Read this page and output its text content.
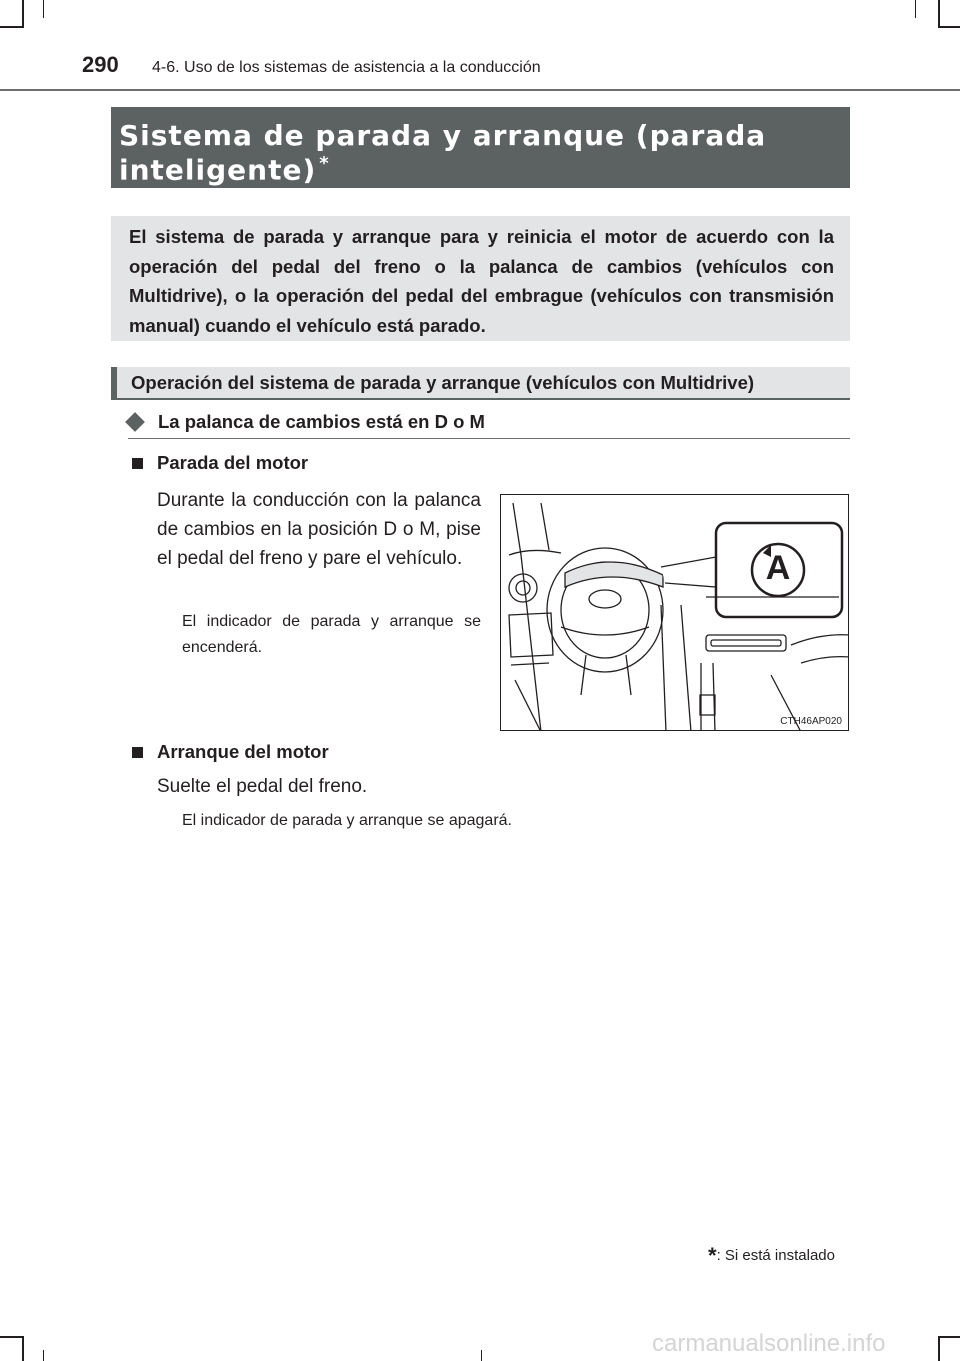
290 4-6. Uso de los sistemas de asistencia a la conducción
Sistema de parada y arranque (parada
inteligente) *
El sistema de parada y arranque para y reinicia el motor de acuerdo con la operación del pedal del freno o la palanca de cambios (vehículos con Multidrive), o la operación del pedal del embrague (vehículos con transmisión manual) cuando el vehículo está parado.
Operación del sistema de parada y arranque (vehículos con Multidrive)
La palanca de cambios está en D o M
Parada del motor
Durante la conducción con la palanca de cambios en la posición D o M, pise el pedal del freno y pare el vehículo.
El indicador de parada y arranque se encenderá.
A
CTH46AP020
Arranque del motor
Suelte el pedal del freno.
El indicador de parada y arranque se apagará.
*: Si está instalado
carmanualsonline.info
